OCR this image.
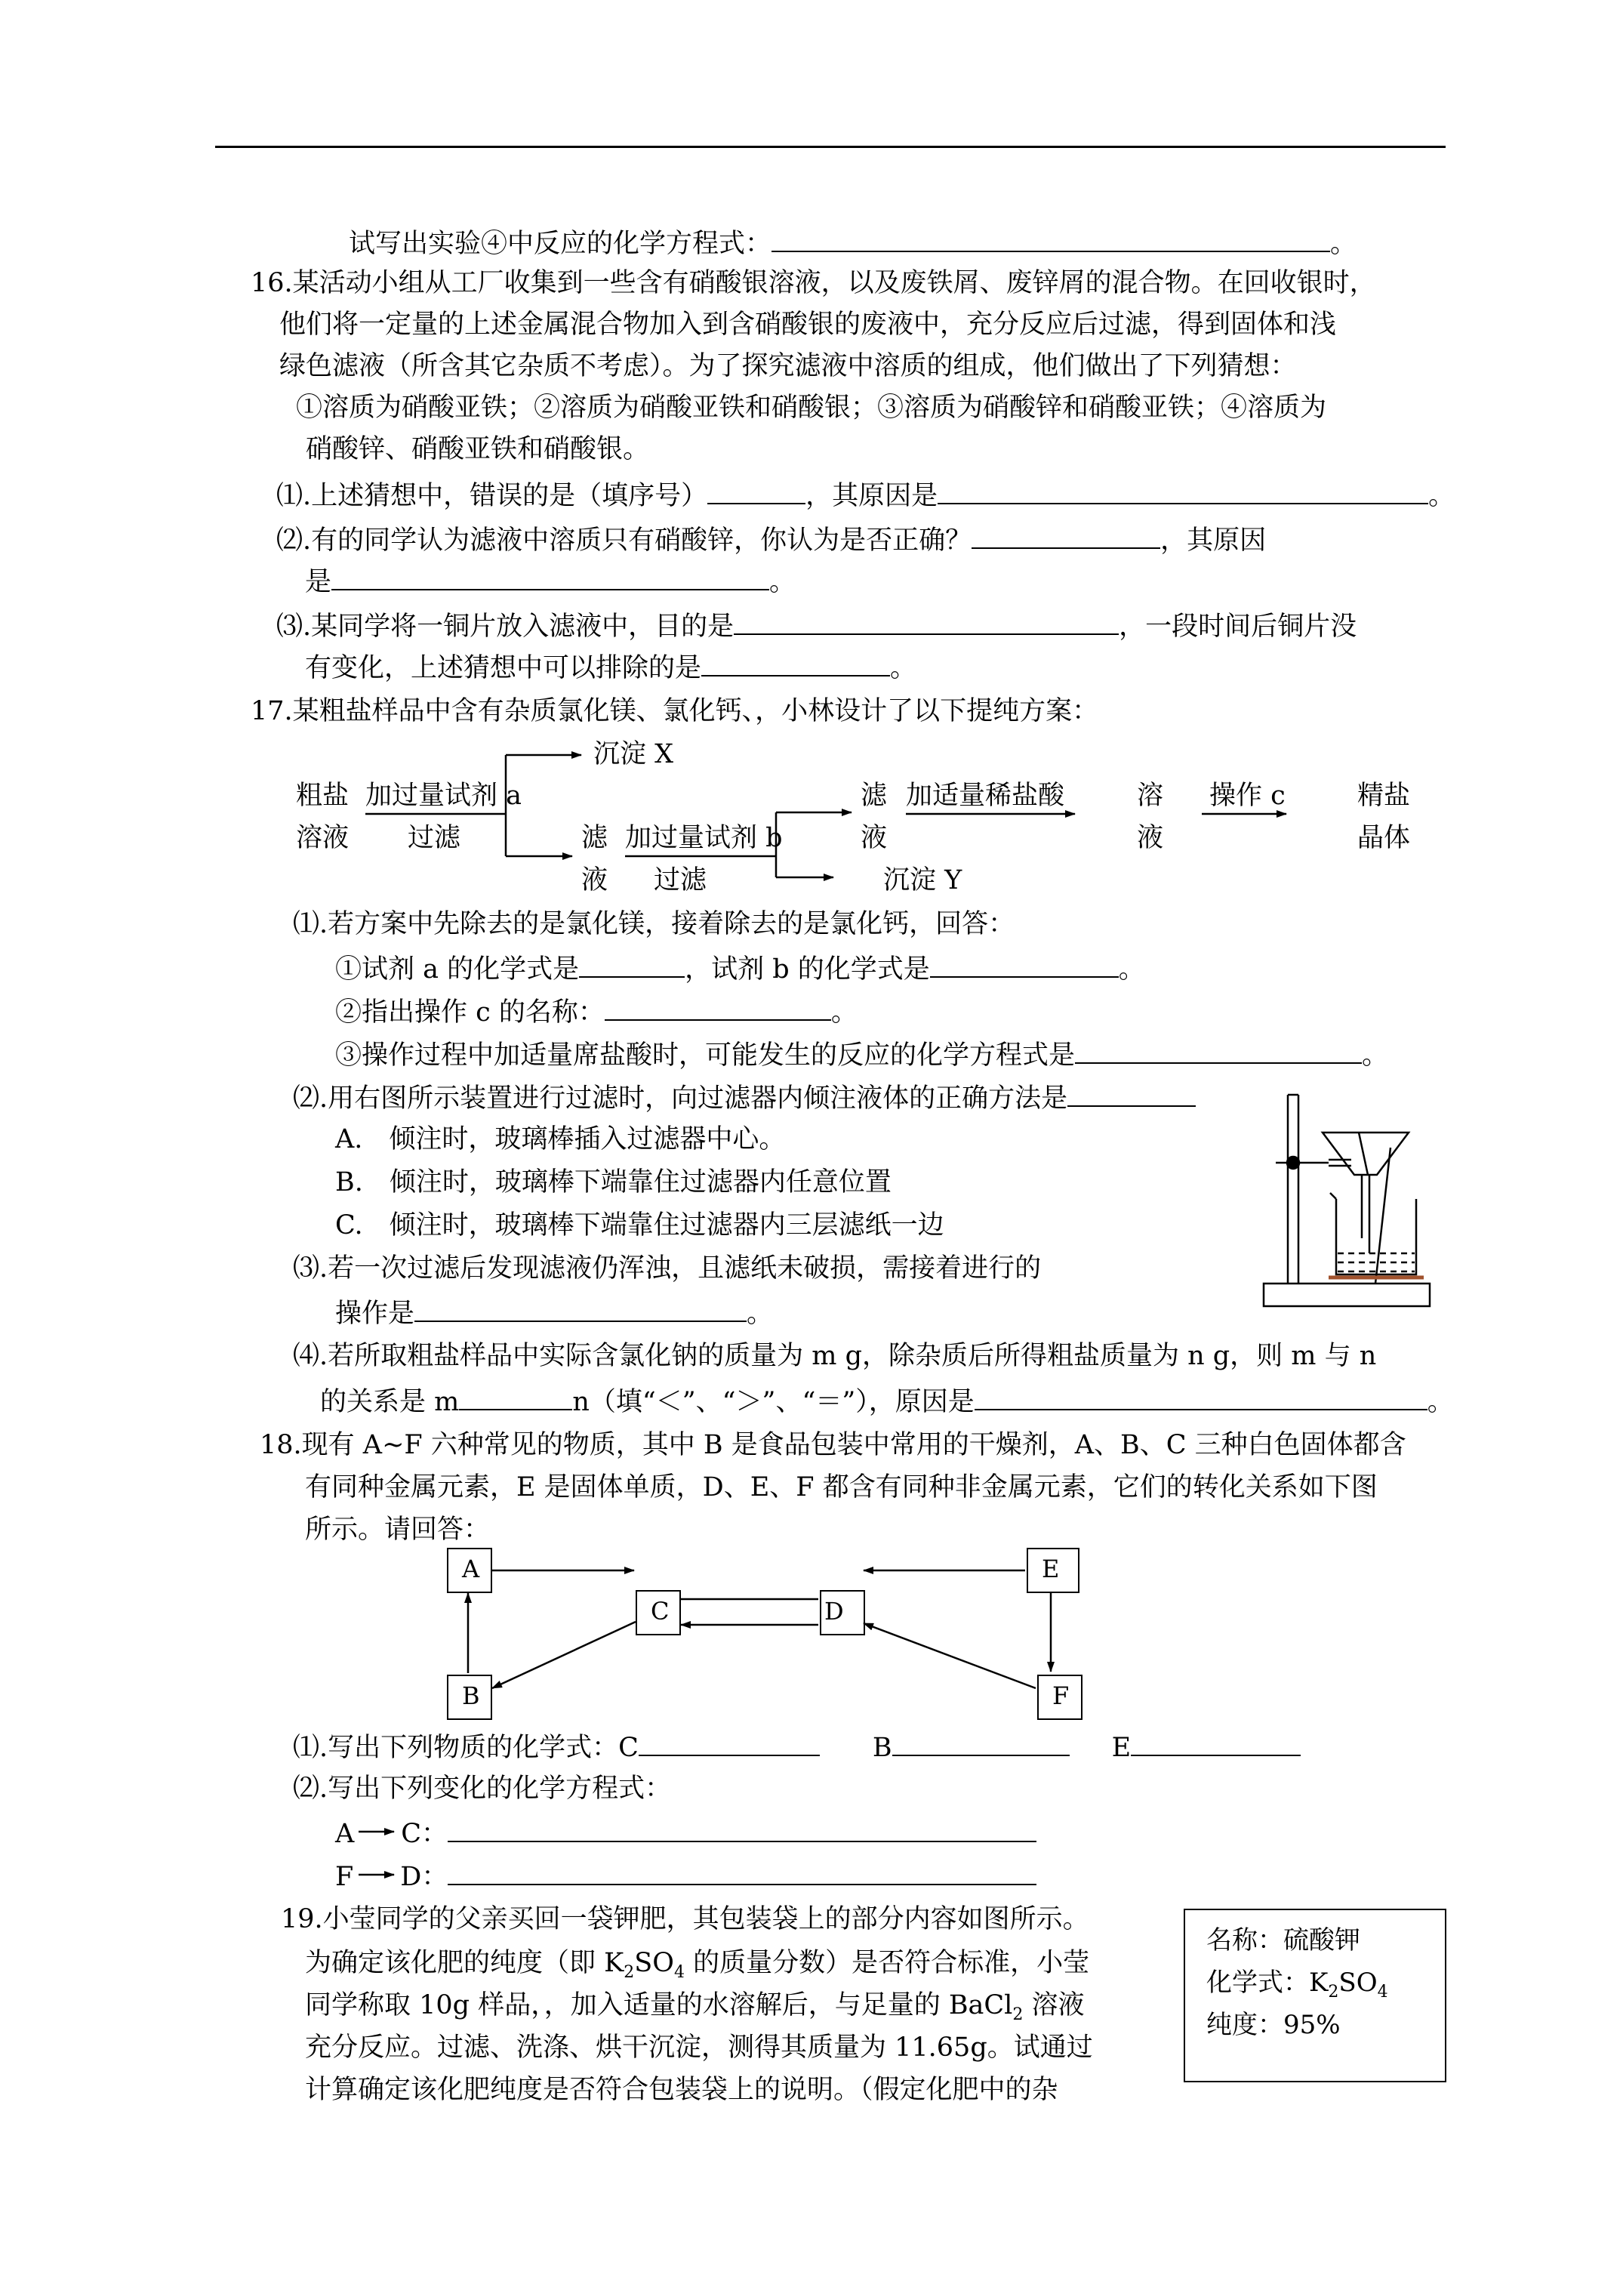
试写出实验④中反应的化学方程式：	。
16.某活动小组从工厂收集到一些含有硝酸银溶液，以及废铁屑、废锌屑的混合物。在回收银时，
他们将一定量的上述金属混合物加入到含硝酸银的废液中，充分反应后过滤，得到固体和浅
绿色滤液（所含其它杂质不考虑）。为了探究滤液中溶质的组成，他们做出了下列猜想：
①溶质为硝酸亚铁；②溶质为硝酸亚铁和硝酸银；③溶质为硝酸锌和硝酸亚铁；④溶质为
硝酸锌、硝酸亚铁和硝酸银。
⑴.上述猜想中，错误的是（填序号）	，其原因是	。
⑵.有的同学认为滤液中溶质只有硝酸锌，你认为是否正确？	，其原因
是	。
⑶.某同学将一铜片放入滤液中，目的是	，一段时间后铜片没
有变化，上述猜想中可以排除的是	。
17.某粗盐样品中含有杂质氯化镁、氯化钙、，小林设计了以下提纯方案：
粗盐
溶液
加过量试剂 a
过滤
沉淀 X
滤
液
加过量试剂 b
过滤	沉淀 Y
滤
液
加适量稀盐酸	溶
液
操作 c	精盐
晶体
⑴.若方案中先除去的是氯化镁，接着除去的是氯化钙，回答：
①试剂 a 的化学式是	，试剂 b 的化学式是	。
②指出操作 c 的名称：	。
③操作过程中加适量席盐酸时，可能发生的反应的化学方程式是	。
⑵.用右图所示装置进行过滤时，向过滤器内倾注液体的正确方法是
A.　倾注时，玻璃棒插入过滤器中心。
B.　倾注时，玻璃棒下端靠住过滤器内任意位置
C.　倾注时，玻璃棒下端靠住过滤器内三层滤纸一边
⑶.若一次过滤后发现滤液仍浑浊，且滤纸未破损，需接着进行的
操作是	。
⑷.若所取粗盐样品中实际含氯化钠的质量为 m g，除杂质后所得粗盐质量为 n g，则 m 与 n
的关系是 m	n（填“＜”、“＞”、“＝”），原因是	。
18.现有 A~F 六种常见的物质，其中 B 是食品包装中常用的干燥剂，A、B、C 三种白色固体都含
有同种金属元素，E 是固体单质，D、E、F 都含有同种非金属元素，它们的转化关系如下图
所示。请回答：
A
C	D
E
B	F
⑴.写出下列物质的化学式：C	B	E
⑵.写出下列变化的化学方程式：
A C：
F D：
19.小莹同学的父亲买回一袋钾肥，其包装袋上的部分内容如图所示。
为确定该化肥的纯度（即 $K_2SO_4$ 的质量分数）是否符合标准，小莹
同学称取 10g 样品，，加入适量的水溶解后，与足量的 BaCl$_2$ 溶液
充分反应。过滤、洗涤、烘干沉淀，测得其质量为 11.65g。试通过
计算确定该化肥纯度是否符合包装袋上的说明。（假定化肥中的杂
名称：硫酸钾
化学式：$K_2SO_4$
纯度：95%
